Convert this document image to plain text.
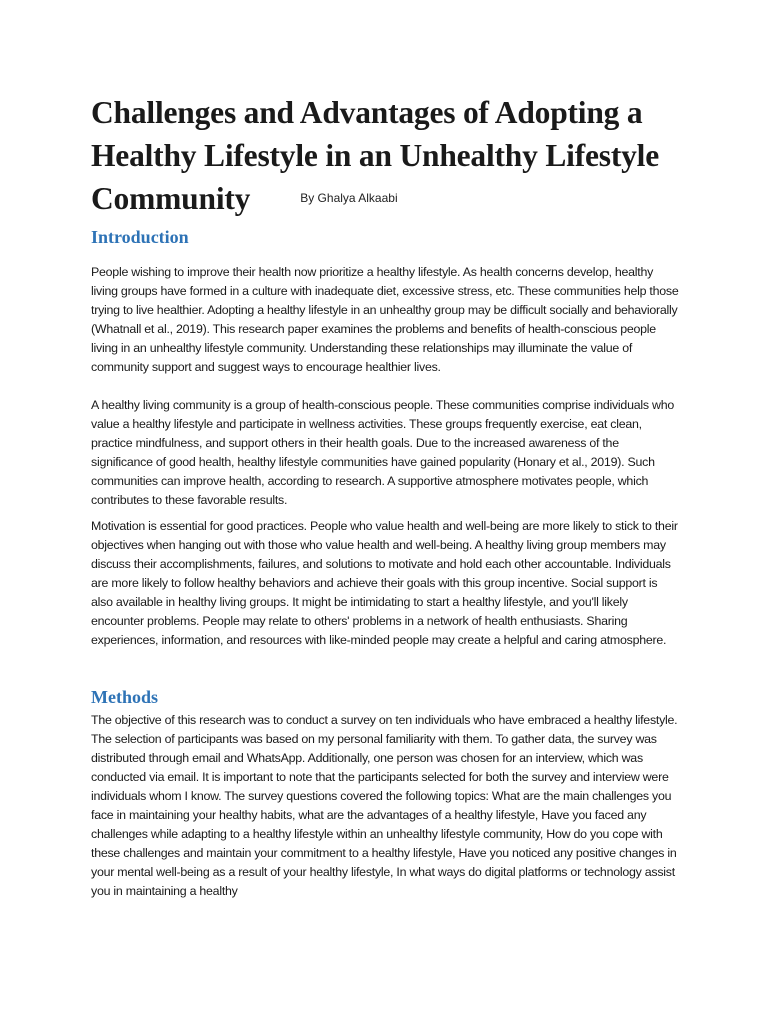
Challenges and Advantages of Adopting a Healthy Lifestyle in an Unhealthy Lifestyle Community	$^{By Ghalya Alkaabi}$
Introduction

People wishing to improve their health now prioritize a healthy lifestyle. As health concerns develop, healthy living groups have formed in a culture with inadequate diet, excessive stress, etc. These communities help those trying to live healthier. Adopting a healthy lifestyle in an unhealthy group may be difficult socially and behaviorally (Whatnall et al., 2019). This research paper examines the problems and benefits of health-conscious people living in an unhealthy lifestyle community. Understanding these relationships may illuminate the value of community support and suggest ways to encourage healthier lives.

A healthy living community is a group of health-conscious people. These communities comprise individuals who value a healthy lifestyle and participate in wellness activities. These groups frequently exercise, eat clean, practice mindfulness, and support others in their health goals. Due to the increased awareness of the significance of good health, healthy lifestyle communities have gained popularity (Honary et al., 2019). Such communities can improve health, according to research. A supportive atmosphere motivates people, which contributes to these favorable results.

Motivation is essential for good practices. People who value health and well-being are more likely to stick to their objectives when hanging out with those who value health and well-being. A healthy living group members may discuss their accomplishments, failures, and solutions to motivate and hold each other accountable. Individuals are more likely to follow healthy behaviors and achieve their goals with this group incentive. Social support is also available in healthy living groups. It might be intimidating to start a healthy lifestyle, and you'll likely encounter problems. People may relate to others' problems in a network of health enthusiasts. Sharing experiences, information, and resources with like-minded people may create a helpful and caring atmosphere.

Methods

The objective of this research was to conduct a survey on ten individuals who have embraced a healthy lifestyle. The selection of participants was based on my personal familiarity with them. To gather data, the survey was distributed through email and WhatsApp. Additionally, one person was chosen for an interview, which was conducted via email. It is important to note that the participants selected for both the survey and interview were individuals whom I know. The survey questions covered the following topics: What are the main challenges you face in maintaining your healthy habits, what are the advantages of a healthy lifestyle, Have you faced any challenges while adapting to a healthy lifestyle within an unhealthy lifestyle community, How do you cope with these challenges and maintain your commitment to a healthy lifestyle, Have you noticed any positive changes in your mental well-being as a result of your healthy lifestyle, In what ways do digital platforms or technology assist you in maintaining a healthy
